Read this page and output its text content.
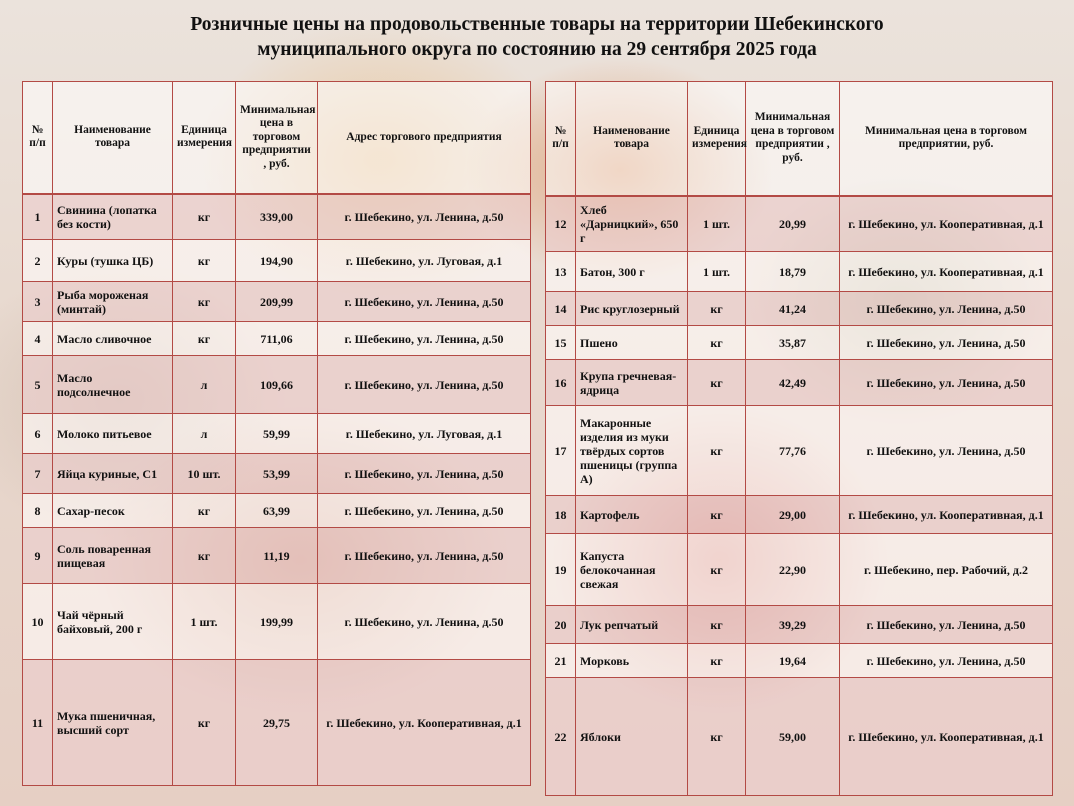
Розничные цены на продовольственные товары на территории Шебекинского
муниципального округа по состоянию на 29 сентября 2025 года
№ п/п	Наименование товара	Единица измерения	Минимальная цена в торговом предприятии , руб.	Адрес торгового предприятия
1	Свинина (лопатка без кости)	кг	339,00	г. Шебекино, ул. Ленина, д.50
2	Куры (тушка ЦБ)	кг	194,90	г. Шебекино, ул. Луговая, д.1
3	Рыба мороженая (минтай)	кг	209,99	г. Шебекино, ул. Ленина, д.50
4	Масло сливочное	кг	711,06	г. Шебекино, ул. Ленина, д.50
5	Масло подсолнечное	л	109,66	г. Шебекино, ул. Ленина, д.50
6	Молоко питьевое	л	59,99	г. Шебекино, ул. Луговая, д.1
7	Яйца куриные, С1	10 шт.	53,99	г. Шебекино, ул. Ленина, д.50
8	Сахар-песок	кг	63,99	г. Шебекино, ул. Ленина, д.50
9	Соль поваренная пищевая	кг	11,19	г. Шебекино, ул. Ленина, д.50
10	Чай чёрный байховый, 200 г	1 шт.	199,99	г. Шебекино, ул. Ленина, д.50
11	Мука пшеничная, высший сорт	кг	29,75	г. Шебекино, ул. Кооперативная, д.1
№ п/п	Наименование товара	Единица измерения	Минимальная цена в торговом предприятии , руб.	Минимальная цена в торговом предприятии, руб.
12	Хлеб «Дарницкий», 650 г	1 шт.	20,99	г. Шебекино, ул. Кооперативная, д.1
13	Батон, 300 г	1 шт.	18,79	г. Шебекино, ул. Кооперативная, д.1
14	Рис круглозерный	кг	41,24	г. Шебекино, ул. Ленина, д.50
15	Пшено	кг	35,87	г. Шебекино, ул. Ленина, д.50
16	Крупа гречневая-ядрица	кг	42,49	г. Шебекино, ул. Ленина, д.50
17	Макаронные изделия из муки твёрдых сортов пшеницы (группа А)	кг	77,76	г. Шебекино, ул. Ленина, д.50
18	Картофель	кг	29,00	г. Шебекино, ул. Кооперативная, д.1
19	Капуста белокочанная свежая	кг	22,90	г. Шебекино, пер. Рабочий, д.2
20	Лук репчатый	кг	39,29	г. Шебекино, ул. Ленина, д.50
21	Морковь	кг	19,64	г. Шебекино, ул. Ленина, д.50
22	Яблоки	кг	59,00	г. Шебекино, ул. Кооперативная, д.1
